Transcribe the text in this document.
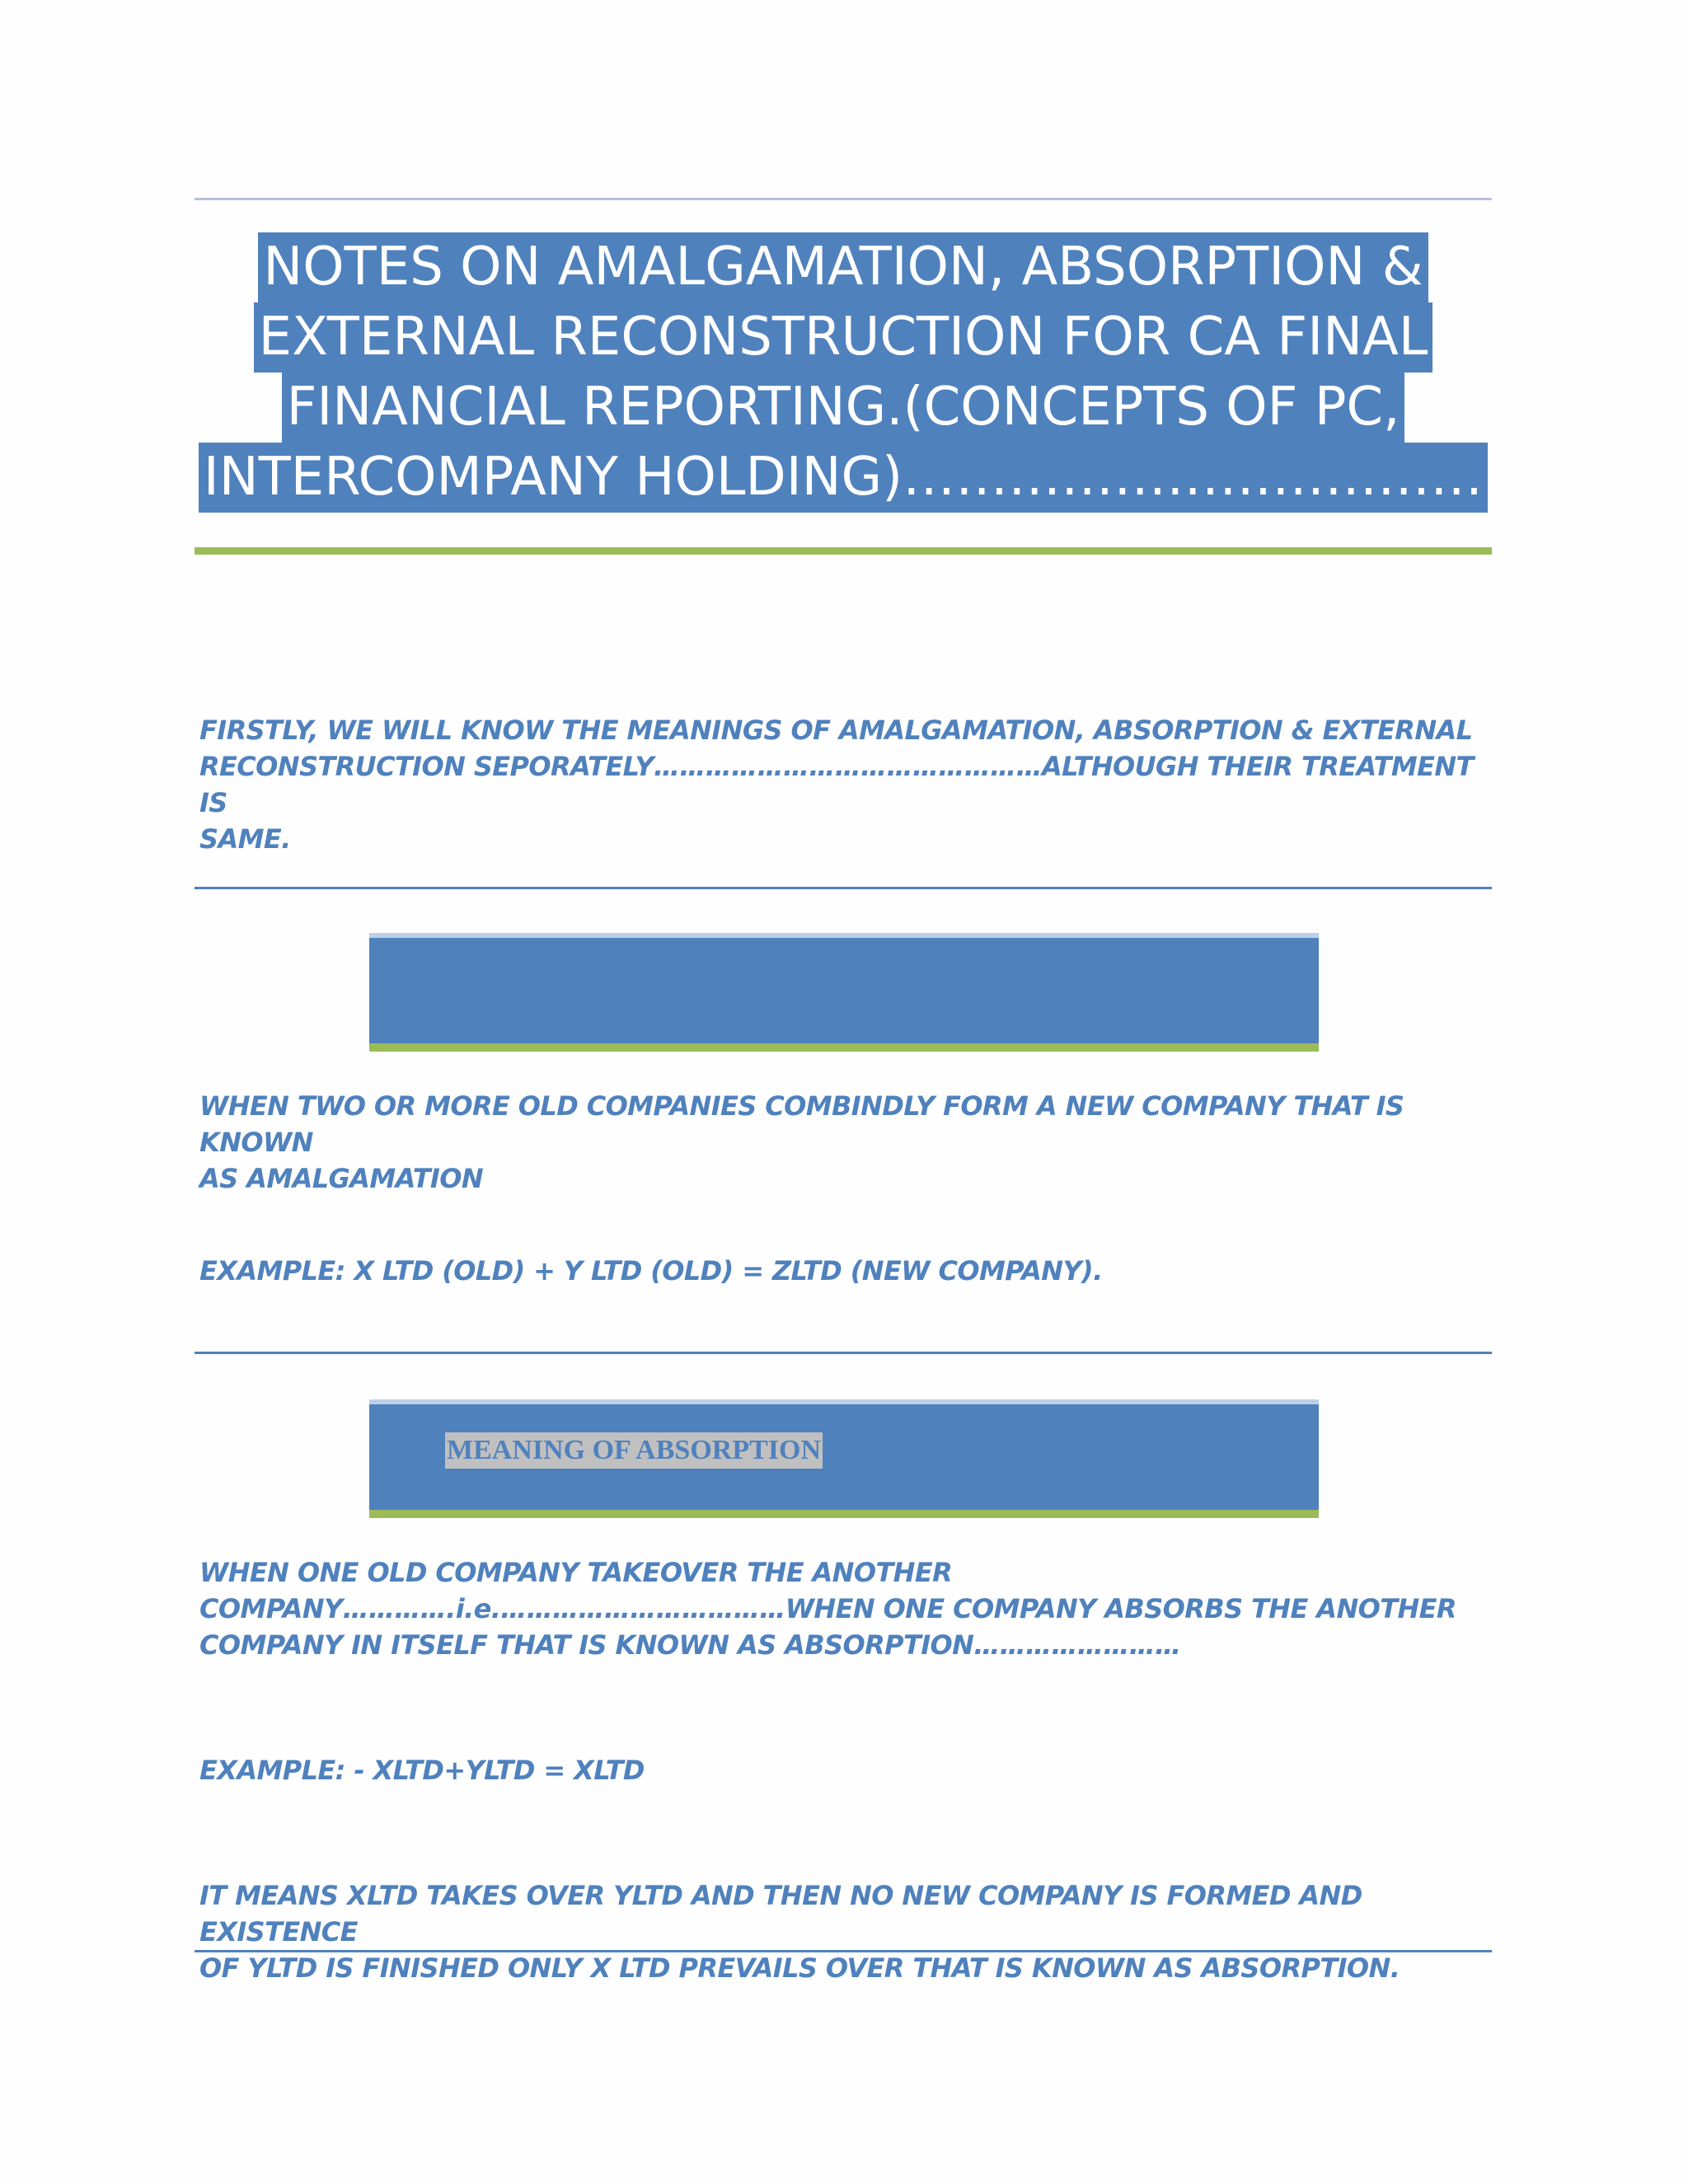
NOTES ON AMALGAMATION, ABSORPTION &
EXTERNAL RECONSTRUCTION FOR CA FINAL
FINANCIAL REPORTING.(CONCEPTS OF PC,
INTERCOMPANY HOLDING)……………………………

FIRSTLY, WE WILL KNOW THE MEANINGS OF AMALGAMATION, ABSORPTION & EXTERNAL

RECONSTRUCTION SEPORATELY………………………………………ALTHOUGH THEIR TREATMENT IS

SAME.

WHEN TWO OR MORE OLD COMPANIES COMBINDLY FORM A NEW COMPANY THAT IS KNOWN

AS AMALGAMATION

EXAMPLE: X LTD (OLD) + Y LTD (OLD) = ZLTD (NEW COMPANY).

MEANING OF ABSORPTION

WHEN ONE OLD COMPANY TAKEOVER THE ANOTHER

COMPANY………….i.e.……………………………WHEN ONE COMPANY ABSORBS THE ANOTHER

COMPANY IN ITSELF THAT IS KNOWN AS ABSORPTION……………………

EXAMPLE: - XLTD+YLTD = XLTD

IT MEANS XLTD TAKES OVER YLTD AND THEN NO NEW COMPANY IS FORMED AND EXISTENCE

OF YLTD IS FINISHED ONLY X LTD PREVAILS OVER THAT IS KNOWN AS ABSORPTION.
